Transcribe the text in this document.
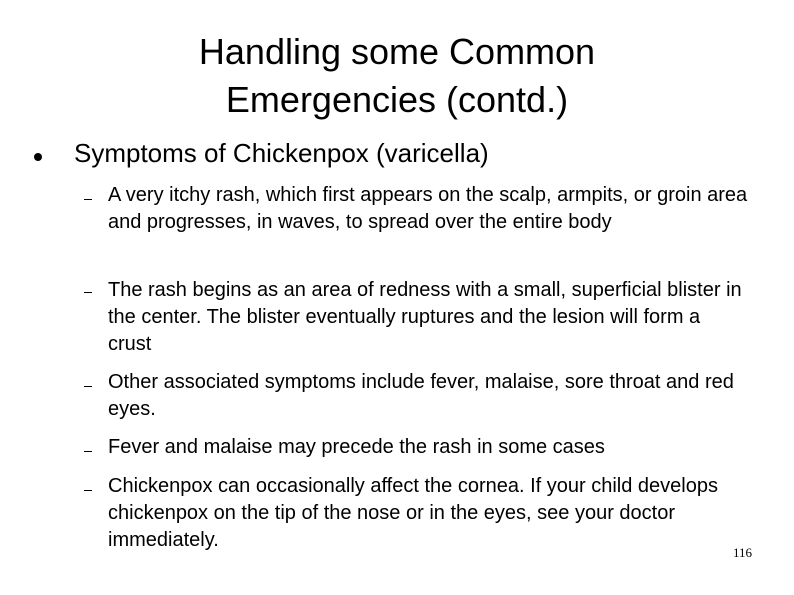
Handling some Common
Emergencies (contd.)
Symptoms of Chickenpox (varicella)
A very itchy rash, which first appears on the scalp, armpits, or groin area and progresses, in waves, to spread over the entire body
The rash begins as an area of redness with a small, superficial blister in the center. The blister eventually ruptures and the lesion will form a crust
Other associated symptoms include fever, malaise, sore throat and red eyes.
Fever and malaise may precede the rash in some cases
Chickenpox can occasionally affect the cornea. If your child develops chickenpox on the tip of the nose or in the eyes, see your doctor immediately.
116
